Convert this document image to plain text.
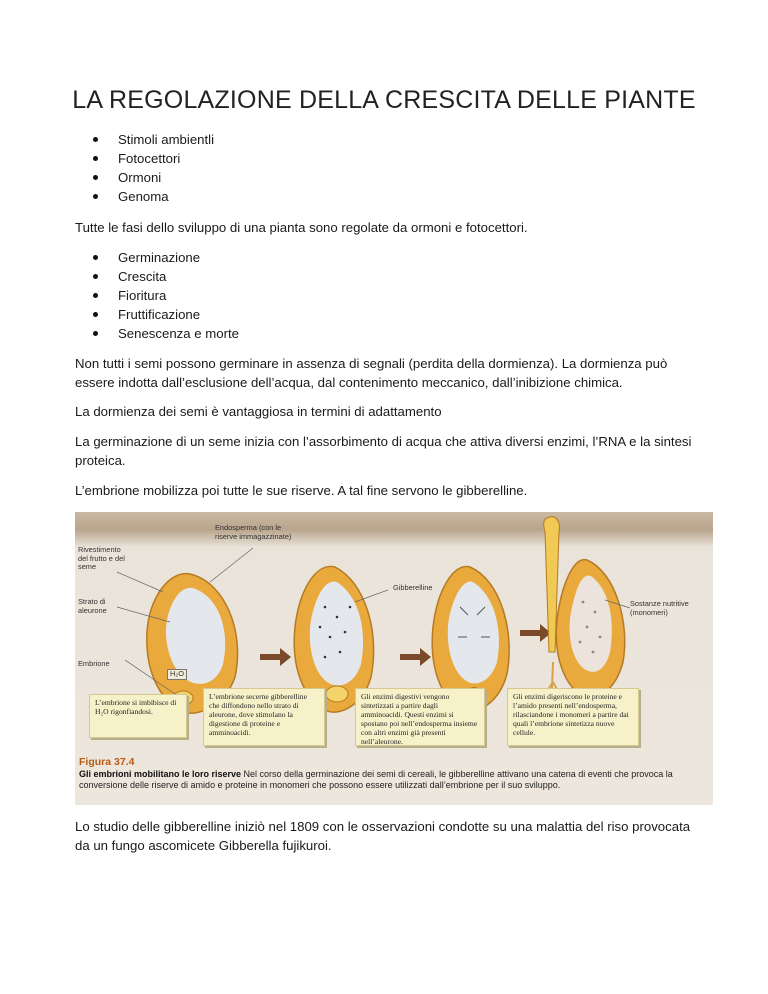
LA REGOLAZIONE DELLA CRESCITA DELLE PIANTE
Stimoli ambientli
Fotocettori
Ormoni
Genoma
Tutte le fasi dello sviluppo di una pianta sono regolate da ormoni e fotocettori.
Germinazione
Crescita
Fioritura
Fruttificazione
Senescenza e morte
Non tutti i semi possono germinare in assenza di segnali (perdita della dormienza). La dormienza può essere indotta dall’esclusione dell’acqua, dal contenimento meccanico, dall’inibizione chimica.
La dormienza dei semi è vantaggiosa in termini di adattamento
La germinazione di un seme inizia con l’assorbimento di acqua che attiva diversi enzimi, l’RNA e la sintesi proteica.
L’embrione mobilizza poi tutte le sue riserve. A tal fine servono le gibberelline.
Rivestimento del frutto e del seme
Endosperma (con le riserve immagazzinate)
Strato di aleurone
Embrione
H₂O
Gibberelline
Sostanze nutritive (monomeri)
L’embrione si imbibisce di H₂O rigonfiandosi.
L’embrione secerne gibberelline che diffondono nello strato di aleurone, dove stimolano la digestione di proteine e amminoacidi.
Gli enzimi digestivi vengono sintetizzati a partire dagli amminoacidi. Questi enzimi si spostano poi nell’endosperma insieme con altri enzimi già presenti nell’aleurone.
Gli enzimi digeriscono le proteine e l’amido presenti nell’endosperma, rilasciandone i monomeri a partire dai quali l’embrione sintetizza nuove cellule.
Figura 37.4
Gli embrioni mobilitano le loro riserve Nel corso della germinazione dei semi di cereali, le gibberelline attivano una catena di eventi che provoca la conversione delle riserve di amido e proteine in monomeri che possono essere utilizzati dall’embrione per il suo sviluppo.
Lo studio delle gibberelline iniziò nel 1809 con le osservazioni condotte su una malattia del riso provocata da un fungo ascomicete Gibberella fujikuroi.
